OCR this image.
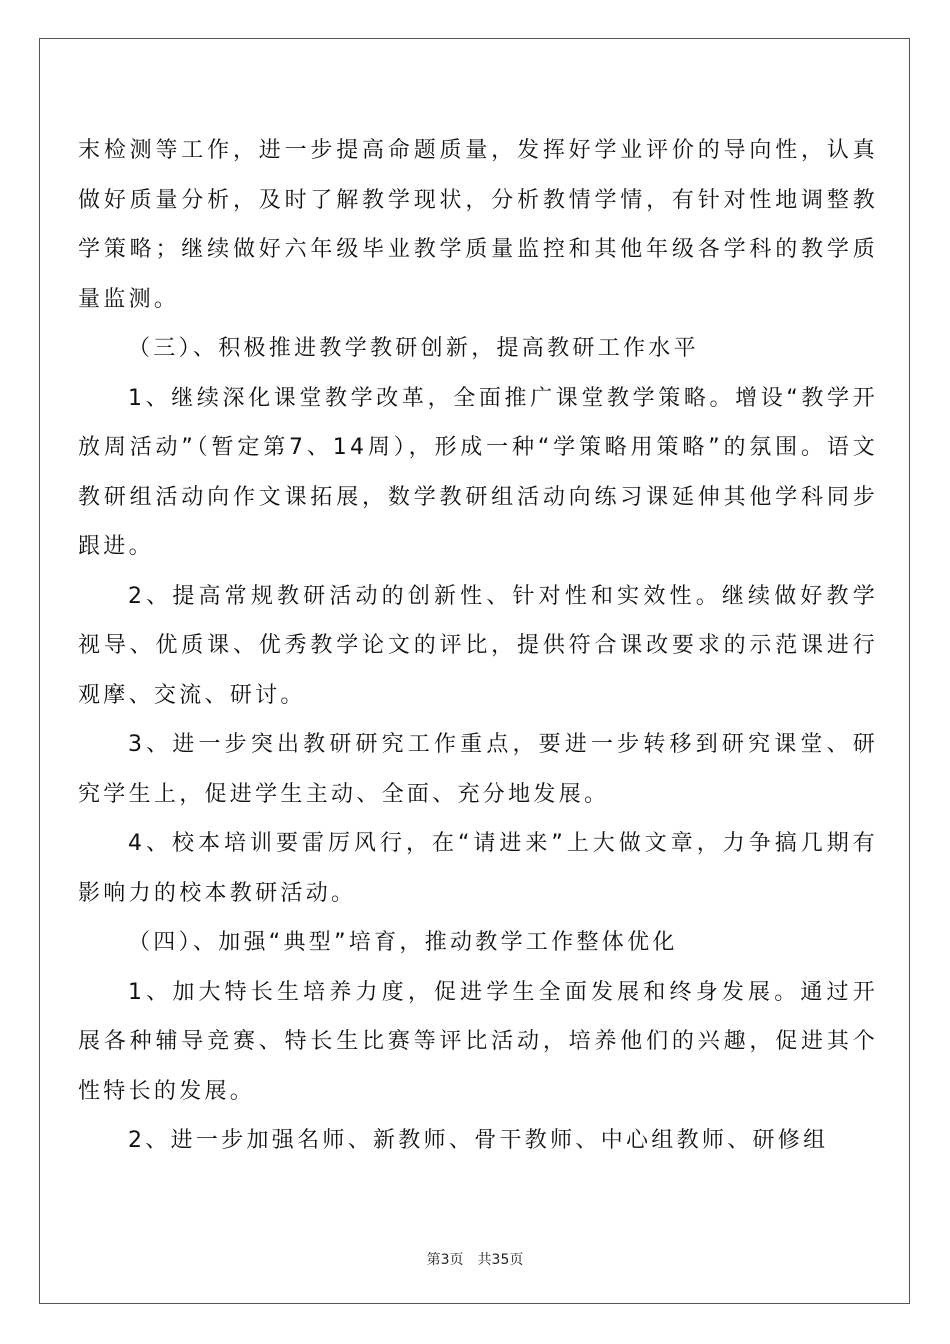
末检测等工作，进一步提高命题质量，发挥好学业评价的导向性，认真做好质量分析，及时了解教学现状，分析教情学情，有针对性地调整教学策略；继续做好六年级毕业教学质量监控和其他年级各学科的教学质量监测。

（三）、积极推进教学教研创新，提高教研工作水平

1、继续深化课堂教学改革，全面推广课堂教学策略。增设“教学开放周活动”（暂定第7、14周），形成一种“学策略用策略”的氛围。语文教研组活动向作文课拓展，数学教研组活动向练习课延伸其他学科同步跟进。

2、提高常规教研活动的创新性、针对性和实效性。继续做好教学视导、优质课、优秀教学论文的评比，提供符合课改要求的示范课进行观摩、交流、研讨。

3、进一步突出教研研究工作重点，要进一步转移到研究课堂、研究学生上，促进学生主动、全面、充分地发展。

4、校本培训要雷厉风行，在“请进来”上大做文章，力争搞几期有影响力的校本教研活动。

（四）、加强“典型”培育，推动教学工作整体优化

1、加大特长生培养力度，促进学生全面发展和终身发展。通过开展各种辅导竞赛、特长生比赛等评比活动，培养他们的兴趣，促进其个性特长的发展。

2、进一步加强名师、新教师、骨干教师、中心组教师、研修组

第3页 共35页
